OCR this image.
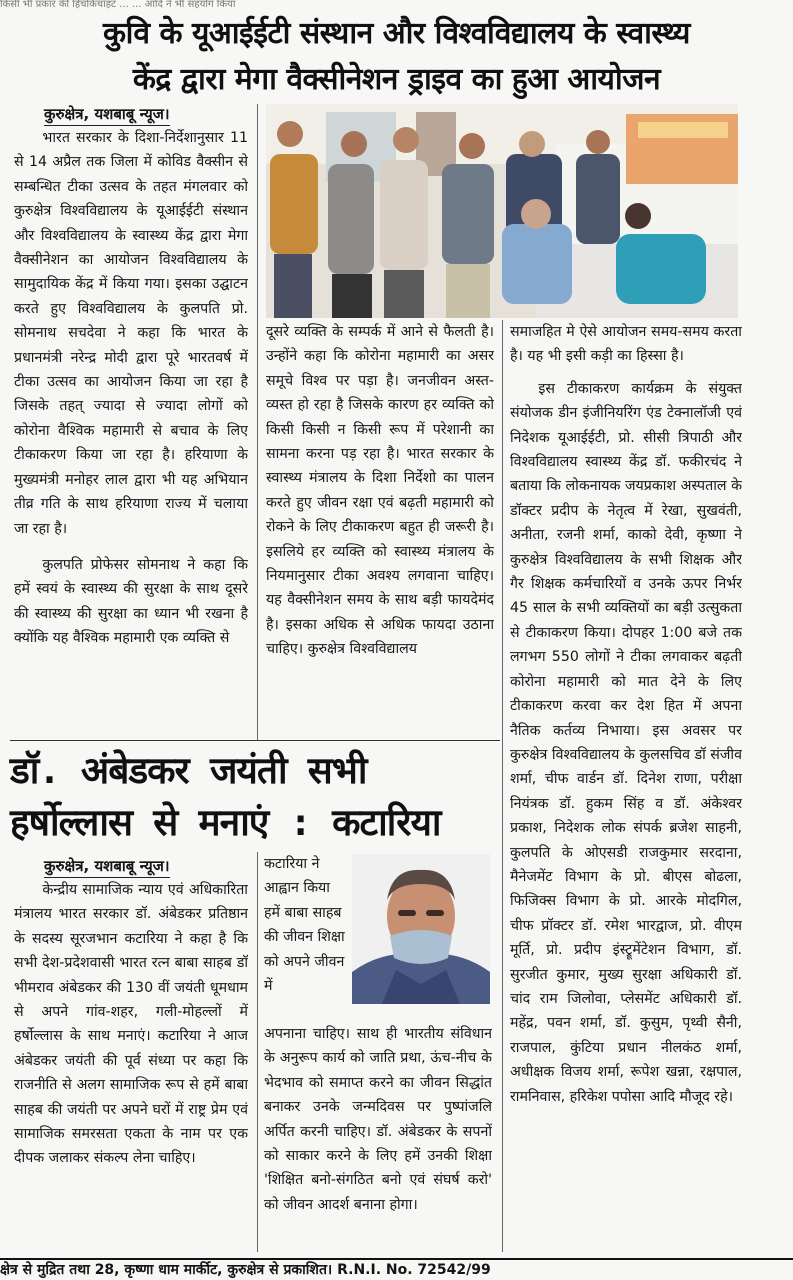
किसी भी प्रकार की हिचकिचाहट ... ... आदि ने भी सहयोग किया
कुवि के यूआईईटी संस्थान और विश्वविद्यालय के स्वास्थ्य
केंद्र द्वारा मेगा वैक्सीनेशन ड्राइव का हुआ आयोजन
कुरुक्षेत्र, यशबाबू न्यूज।

भारत सरकार के दिशा-निर्देशानुसार 11 से 14 अप्रैल तक जिला में कोविड वैक्सीन से सम्बन्धित टीका उत्सव के तहत मंगलवार को कुरुक्षेत्र विश्वविद्यालय के यूआईईटी संस्थान और विश्वविद्यालय के स्वास्थ्य केंद्र द्वारा मेगा वैक्सीनेशन का आयोजन विश्वविद्यालय के सामुदायिक केंद्र में किया गया। इसका उद्घाटन करते हुए विश्वविद्यालय के कुलपति प्रो. सोमनाथ सचदेवा ने कहा कि भारत के प्रधानमंत्री नरेन्द्र मोदी द्वारा पूरे भारतवर्ष में टीका उत्सव का आयोजन किया जा रहा है जिसके तहत् ज्यादा से ज्यादा लोगों को कोरोना वैश्विक महामारी से बचाव के लिए टीकाकरण किया जा रहा है। हरियाणा के मुख्यमंत्री मनोहर लाल द्वारा भी यह अभियान तीव्र गति के साथ हरियाणा राज्य में चलाया जा रहा है।

कुलपति प्रोफेसर सोमनाथ ने कहा कि हमें स्वयं के स्वास्थ्य की सुरक्षा के साथ दूसरे की स्वास्थ्य की सुरक्षा का ध्यान भी रखना है क्योंकि यह वैश्विक महामारी एक व्यक्ति से

दूसरे व्यक्ति के सम्पर्क में आने से फैलती है। उन्होंने कहा कि कोरोना महामारी का असर समूचे विश्व पर पड़ा है। जनजीवन अस्त-व्यस्त हो रहा है जिसके कारण हर व्यक्ति को किसी किसी न किसी रूप में परेशानी का सामना करना पड़ रहा है। भारत सरकार के स्वास्थ्य मंत्रालय के दिशा निर्देशो का पालन करते हुए जीवन रक्षा एवं बढ़ती महामारी को रोकने के लिए टीकाकरण बहुत ही जरूरी है। इसलिये हर व्यक्ति को स्वास्थ्य मंत्रालय के नियमानुसार टीका अवश्य लगवाना चाहिए। यह वैक्सीनेशन समय के साथ बड़ी फायदेमंद है। इसका अधिक से अधिक फायदा उठाना चाहिए। कुरुक्षेत्र विश्वविद्यालय

समाजहित मे ऐसे आयोजन समय-समय करता है। यह भी इसी कड़ी का हिस्सा है।

इस टीकाकरण कार्यक्रम के संयुक्त संयोजक डीन इंजीनियरिंग एंड टेक्नालॉजी एवं निदेशक यूआईईटी, प्रो. सीसी त्रिपाठी और विश्वविद्यालय स्वास्थ्य केंद्र डॉ. फकीरचंद ने बताया कि लोकनायक जयप्रकाश अस्पताल के डॉक्टर प्रदीप के नेतृत्व में रेखा, सुखवंती, अनीता, रजनी शर्मा, काको देवी, कृष्णा ने कुरुक्षेत्र विश्वविद्यालय के सभी शिक्षक और गैर शिक्षक कर्मचारियों व उनके ऊपर निर्भर 45 साल के सभी व्यक्तियों का बड़ी उत्सुकता से टीकाकरण किया। दोपहर 1:00 बजे तक लगभग 550 लोगों ने टीका लगवाकर बढ़ती कोरोना महामारी को मात देने के लिए टीकाकरण करवा कर देश हित में अपना नैतिक कर्तव्य निभाया। इस अवसर पर कुरुक्षेत्र विश्वविद्यालय के कुलसचिव डॉ संजीव शर्मा, चीफ वार्डन डॉ. दिनेश राणा, परीक्षा नियंत्रक डॉ. हुकम सिंह व डॉ. अंकेश्वर प्रकाश, निदेशक लोक संपर्क ब्रजेश साहनी, कुलपति के ओएसडी राजकुमार सरदाना, मैनेजमेंट विभाग के प्रो. बीएस बोढला, फिजिक्स विभाग के प्रो. आरके मोदगिल, चीफ प्रॉक्टर डॉ. रमेश भारद्वाज, प्रो. वीएम मूर्ति, प्रो. प्रदीप इंस्ट्रूमेंटेशन विभाग, डॉ. सुरजीत कुमार, मुख्य सुरक्षा अधिकारी डॉ. चांद राम जिलोवा, प्लेसमेंट अधिकारी डॉ. महेंद्र, पवन शर्मा, डॉ. कुसुम, पृथ्वी सैनी, राजपाल, कुंटिया प्रधान नीलकंठ शर्मा, अधीक्षक विजय शर्मा, रूपेश खन्ना, रक्षपाल, रामनिवास, हरिकेश पपोसा आदि मौजूद रहे।

डॉ. अंबेडकर जयंती सभी
हर्षोल्लास से मनाएं : कटारिया
कुरुक्षेत्र, यशबाबू न्यूज।

केन्द्रीय सामाजिक न्याय एवं अधिकारिता मंत्रालय भारत सरकार डॉ. अंबेडकर प्रतिष्ठान के सदस्य सूरजभान कटारिया ने कहा है कि सभी देश-प्रदेशवासी भारत रत्न बाबा साहब डॉ भीमराव अंबेडकर की 130 वीं जयंती धूमधाम से अपने गांव-शहर, गली-मोहल्लों में हर्षोल्लास के साथ मनाएं। कटारिया ने आज अंबेडकर जयंती की पूर्व संध्या पर कहा कि राजनीति से अलग सामाजिक रूप से हमें बाबा साहब की जयंती पर अपने घरों में राष्ट्र प्रेम एवं सामाजिक समरसता एकता के नाम पर एक दीपक जलाकर संकल्प लेना चाहिए।

कटारिया ने आह्वान किया हमें बाबा साहब की जीवन शिक्षा को अपने जीवन में

अपनाना चाहिए। साथ ही भारतीय संविधान के अनुरूप कार्य को जाति प्रथा, ऊंच-नीच के भेदभाव को समाप्त करने का जीवन सिद्धांत बनाकर उनके जन्मदिवस पर पुष्पांजलि अर्पित करनी चाहिए। डॉ. अंबेडकर के सपनों को साकार करने के लिए हमें उनकी शिक्षा 'शिक्षित बनो-संगठित बनो एवं संघर्ष करो' को जीवन आदर्श बनाना होगा।

क्षेत्र से मुद्रित तथा 28, कृष्णा धाम मार्कीट, कुरुक्षेत्र से प्रकाशित। R.N.I. No. 72542/99
